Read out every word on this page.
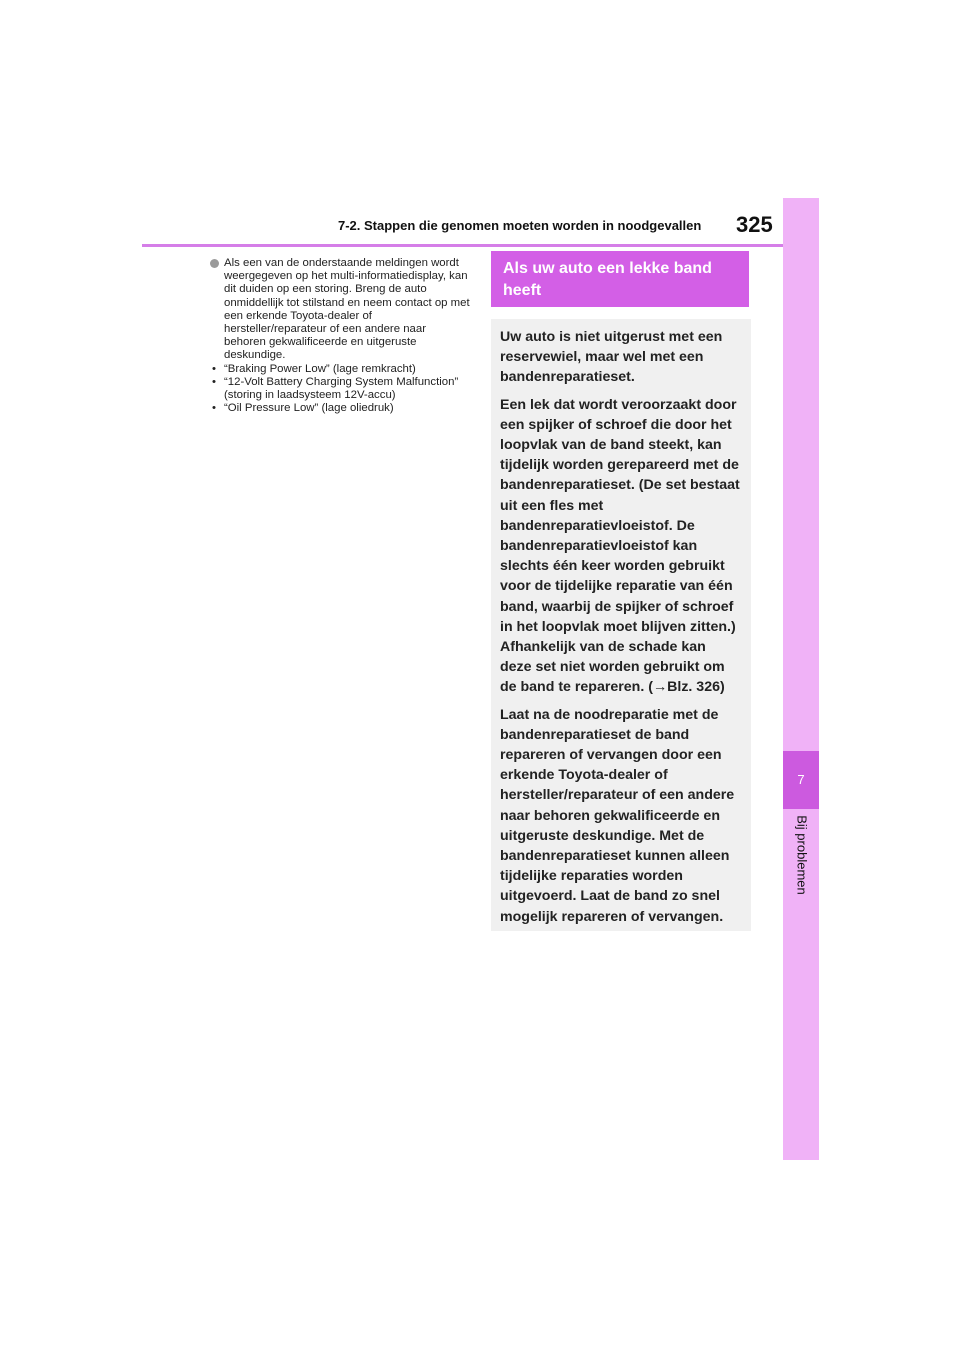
7-2. Stappen die genomen moeten worden in noodgevallen 325
7
Bij problemen
Als een van de onderstaande meldingen wordt weergegeven op het multi-informatiedisplay, kan dit duiden op een storing. Breng de auto onmiddellijk tot stilstand en neem contact op met een erkende Toyota-dealer of hersteller/reparateur of een andere naar behoren gekwalificeerde en uitgeruste deskundige.
• “Braking Power Low” (lage remkracht)
• “12-Volt Battery Charging System Malfunction” (storing in laadsysteem 12V-accu)
• “Oil Pressure Low” (lage oliedruk)
Als uw auto een lekke band heeft

Uw auto is niet uitgerust met een reservewiel, maar wel met een bandenreparatieset.

Een lek dat wordt veroorzaakt door een spijker of schroef die door het loopvlak van de band steekt, kan tijdelijk worden gerepareerd met de bandenreparatieset. (De set bestaat uit een fles met bandenreparatievloeistof. De bandenreparatievloeistof kan slechts één keer worden gebruikt voor de tijdelijke reparatie van één band, waarbij de spijker of schroef in het loopvlak moet blijven zitten.) Afhankelijk van de schade kan deze set niet worden gebruikt om de band te repareren. (→Blz. 326)

Laat na de noodreparatie met de bandenreparatieset de band repareren of vervangen door een erkende Toyota-dealer of hersteller/reparateur of een andere naar behoren gekwalificeerde en uitgeruste deskundige. Met de bandenreparatieset kunnen alleen tijdelijke reparaties worden uitgevoerd. Laat de band zo snel mogelijk repareren of vervangen.
